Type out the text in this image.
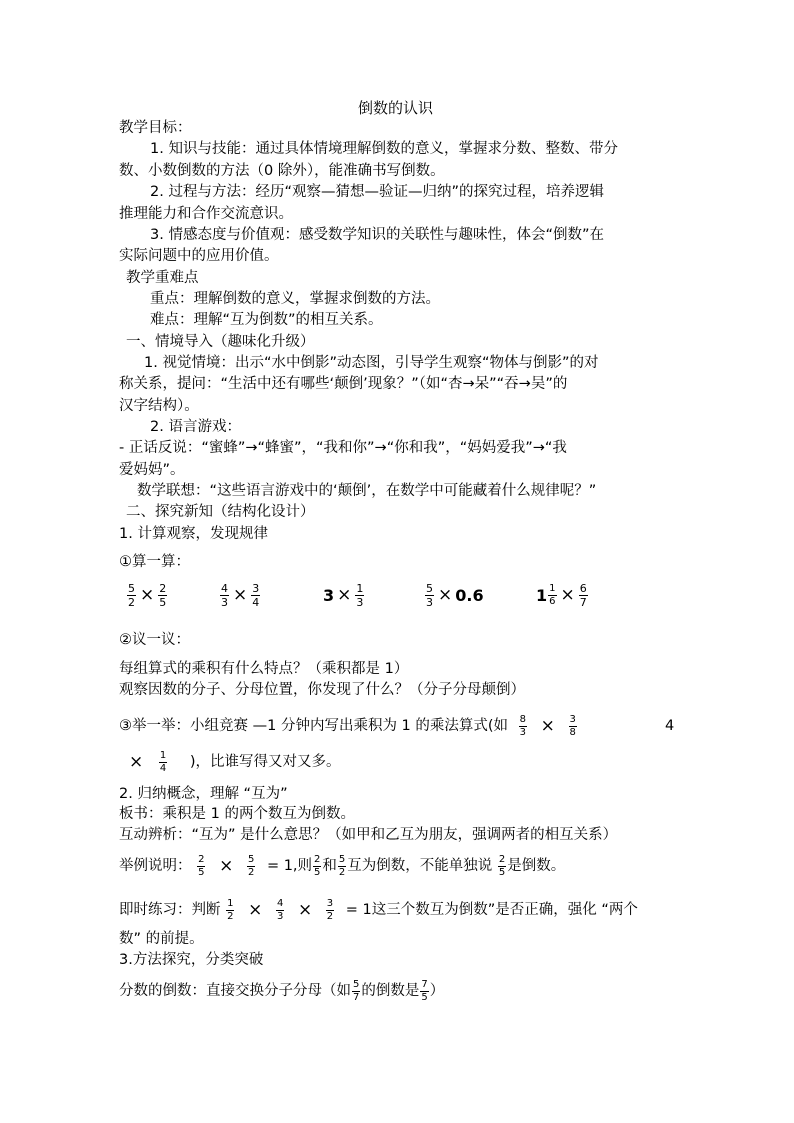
倒数的认识
教学目标：
1. 知识与技能：通过具体情境理解倒数的意义，掌握求分数、整数、带分
数、小数倒数的方法（0 除外），能准确书写倒数。
2. 过程与方法：经历“观察—猜想—验证—归纳”的探究过程，培养逻辑
推理能力和合作交流意识。
3. 情感态度与价值观：感受数学知识的关联性与趣味性，体会“倒数”在
实际问题中的应用价值。
教学重难点
重点：理解倒数的意义，掌握求倒数的方法。
难点：理解“互为倒数”的相互关系。
一、情境导入（趣味化升级）
1. 视觉情境：出示“水中倒影”动态图，引导学生观察“物体与倒影”的对
称关系，提问：“生活中还有哪些‘颠倒’现象？”（如“杏→呆”“吞→吴”的
汉字结构）。
2. 语言游戏：
- 正话反说：“蜜蜂”→“蜂蜜”，“我和你”→“你和我”，“妈妈爱我”→“我
爱妈妈”。
数学联想：“这些语言游戏中的‘颠倒’，在数学中可能藏着什么规律呢？”
二、探究新知（结构化设计）
1. 计算观察，发现规律
①算一算：
$\frac{5}{2} \times \frac{2}{5}$	$\frac{4}{3} \times \frac{3}{4}$	$3 \times \frac{1}{3}$	$\frac{5}{3} \times 0.6$	$1 \frac{1}{6} \times \frac{6}{7}$
②议一议：
每组算式的乘积有什么特点？（乘积都是 1）
观察因数的分子、分母位置，你发现了什么？（分子分母颠倒）
③举一举：小组竞赛 —1 分钟内写出乘积为 1 的乘法算式(如 $\frac{8}{3} \times \frac{3}{8}$	4
× $\frac{1}{4}$ )，比谁写得又对又多。
2. 归纳概念，理解 “互为”
板书：乘积是 1 的两个数互为倒数。
互动辨析：“互为” 是什么意思？（如甲和乙互为朋友，强调两者的相互关系）
举例说明： $\frac{2}{5} \times \frac{5}{2} = 1$,则 $\frac{2}{5}$ 和 $\frac{5}{2}$ 互为倒数，不能单独说 $\frac{2}{5}$ 是倒数。
即时练习：判断 $\frac{1}{2} \times \frac{4}{3} \times \frac{3}{2} = 1$这三个数互为倒数”是否正确，强化 “两个
数” 的前提。
3.方法探究，分类突破
分数的倒数：直接交换分子分母（如 $\frac{5}{7}$ 的倒数是 $\frac{7}{5}$ ）
